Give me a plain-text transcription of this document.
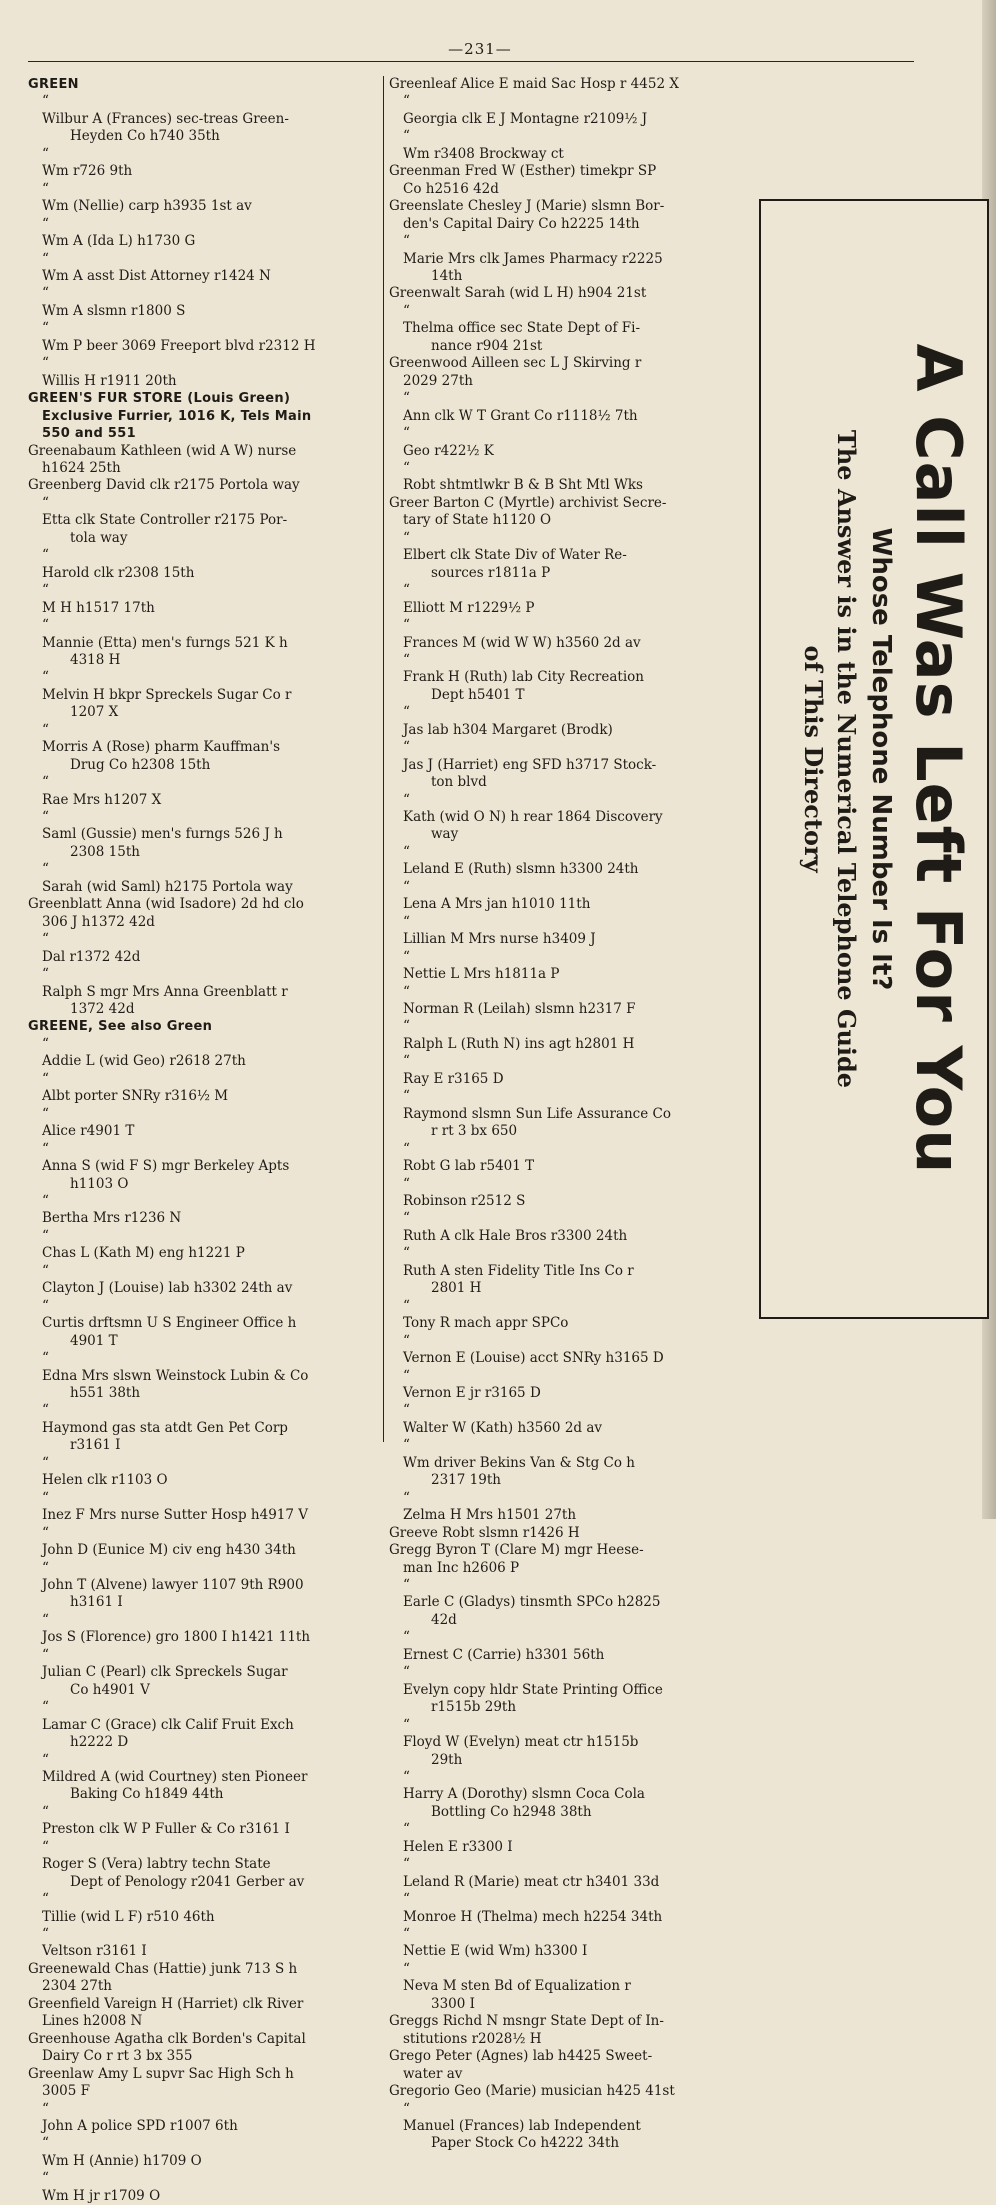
—231—

GREEN

“ Wilbur A (Frances) sec-treas Green-
Heyden Co h740 35th

“ Wm r726 9th

“ Wm (Nellie) carp h3935 1st av

“ Wm A (Ida L) h1730 G

“ Wm A asst Dist Attorney r1424 N

“ Wm A slsmn r1800 S

“ Wm P beer 3069 Freeport blvd r2312 H

“ Willis H r1911 20th

GREEN'S FUR STORE (Louis Green)
Exclusive Furrier, 1016 K, Tels Main
550 and 551

Greenabaum Kathleen (wid A W) nurse
h1624 25th

Greenberg David clk r2175 Portola way

“ Etta clk State Controller r2175 Por-
tola way

“ Harold clk r2308 15th

“ M H h1517 17th

“ Mannie (Etta) men's furngs 521 K h
4318 H

“ Melvin H bkpr Spreckels Sugar Co r
1207 X

“ Morris A (Rose) pharm Kauffman's
Drug Co h2308 15th

“ Rae Mrs h1207 X

“ Saml (Gussie) men's furngs 526 J h
2308 15th

“ Sarah (wid Saml) h2175 Portola way

Greenblatt Anna (wid Isadore) 2d hd clo
306 J h1372 42d

“ Dal r1372 42d

“ Ralph S mgr Mrs Anna Greenblatt r
1372 42d

GREENE, See also Green

“ Addie L (wid Geo) r2618 27th

“ Albt porter SNRy r316½ M

“ Alice r4901 T

“ Anna S (wid F S) mgr Berkeley Apts
h1103 O

“ Bertha Mrs r1236 N

“ Chas L (Kath M) eng h1221 P

“ Clayton J (Louise) lab h3302 24th av

“ Curtis drftsmn U S Engineer Office h
4901 T

“ Edna Mrs slswn Weinstock Lubin & Co
h551 38th

“ Haymond gas sta atdt Gen Pet Corp
r3161 I

“ Helen clk r1103 O

“ Inez F Mrs nurse Sutter Hosp h4917 V

“ John D (Eunice M) civ eng h430 34th

“ John T (Alvene) lawyer 1107 9th R900
h3161 I

“ Jos S (Florence) gro 1800 I h1421 11th

“ Julian C (Pearl) clk Spreckels Sugar
Co h4901 V

“ Lamar C (Grace) clk Calif Fruit Exch
h2222 D

“ Mildred A (wid Courtney) sten Pioneer
Baking Co h1849 44th

“ Preston clk W P Fuller & Co r3161 I

“ Roger S (Vera) labtry techn State
Dept of Penology r2041 Gerber av

“ Tillie (wid L F) r510 46th

“ Veltson r3161 I

Greenewald Chas (Hattie) junk 713 S h
2304 27th

Greenfield Vareign H (Harriet) clk River
Lines h2008 N

Greenhouse Agatha clk Borden's Capital
Dairy Co r rt 3 bx 355

Greenlaw Amy L supvr Sac High Sch h
3005 F

“ John A police SPD r1007 6th

“ Wm H (Annie) h1709 O

“ Wm H jr r1709 O

Greenleaf Alice E maid Sac Hosp r 4452 X

“ Georgia clk E J Montagne r2109½ J

“ Wm r3408 Brockway ct

Greenman Fred W (Esther) timekpr SP
Co h2516 42d

Greenslate Chesley J (Marie) slsmn Bor-
den's Capital Dairy Co h2225 14th

“ Marie Mrs clk James Pharmacy r2225
14th

Greenwalt Sarah (wid L H) h904 21st

“ Thelma office sec State Dept of Fi-
nance r904 21st

Greenwood Ailleen sec L J Skirving r
2029 27th

“ Ann clk W T Grant Co r1118½ 7th

“ Geo r422½ K

“ Robt shtmtlwkr B & B Sht Mtl Wks

Greer Barton C (Myrtle) archivist Secre-
tary of State h1120 O

“ Elbert clk State Div of Water Re-
sources r1811a P

“ Elliott M r1229½ P

“ Frances M (wid W W) h3560 2d av

“ Frank H (Ruth) lab City Recreation
Dept h5401 T

“ Jas lab h304 Margaret (Brodk)

“ Jas J (Harriet) eng SFD h3717 Stock-
ton blvd

“ Kath (wid O N) h rear 1864 Discovery
way

“ Leland E (Ruth) slsmn h3300 24th

“ Lena A Mrs jan h1010 11th

“ Lillian M Mrs nurse h3409 J

“ Nettie L Mrs h1811a P

“ Norman R (Leilah) slsmn h2317 F

“ Ralph L (Ruth N) ins agt h2801 H

“ Ray E r3165 D

“ Raymond slsmn Sun Life Assurance Co
r rt 3 bx 650

“ Robt G lab r5401 T

“ Robinson r2512 S

“ Ruth A clk Hale Bros r3300 24th

“ Ruth A sten Fidelity Title Ins Co r
2801 H

“ Tony R mach appr SPCo

“ Vernon E (Louise) acct SNRy h3165 D

“ Vernon E jr r3165 D

“ Walter W (Kath) h3560 2d av

“ Wm driver Bekins Van & Stg Co h
2317 19th

“ Zelma H Mrs h1501 27th

Greeve Robt slsmn r1426 H

Gregg Byron T (Clare M) mgr Heese-
man Inc h2606 P

“ Earle C (Gladys) tinsmth SPCo h2825
42d

“ Ernest C (Carrie) h3301 56th

“ Evelyn copy hldr State Printing Office
r1515b 29th

“ Floyd W (Evelyn) meat ctr h1515b
29th

“ Harry A (Dorothy) slsmn Coca Cola
Bottling Co h2948 38th

“ Helen E r3300 I

“ Leland R (Marie) meat ctr h3401 33d

“ Monroe H (Thelma) mech h2254 34th

“ Nettie E (wid Wm) h3300 I

“ Neva M sten Bd of Equalization r
3300 I

Greggs Richd N msngr State Dept of In-
stitutions r2028½ H

Grego Peter (Agnes) lab h4425 Sweet-
water av

Gregorio Geo (Marie) musician h425 41st

“ Manuel (Frances) lab Independent
Paper Stock Co h4222 34th

A Call Was Left For You
Whose Telephone Number Is It?
The Answer is in the Numerical Telephone Guide
of This Directory
